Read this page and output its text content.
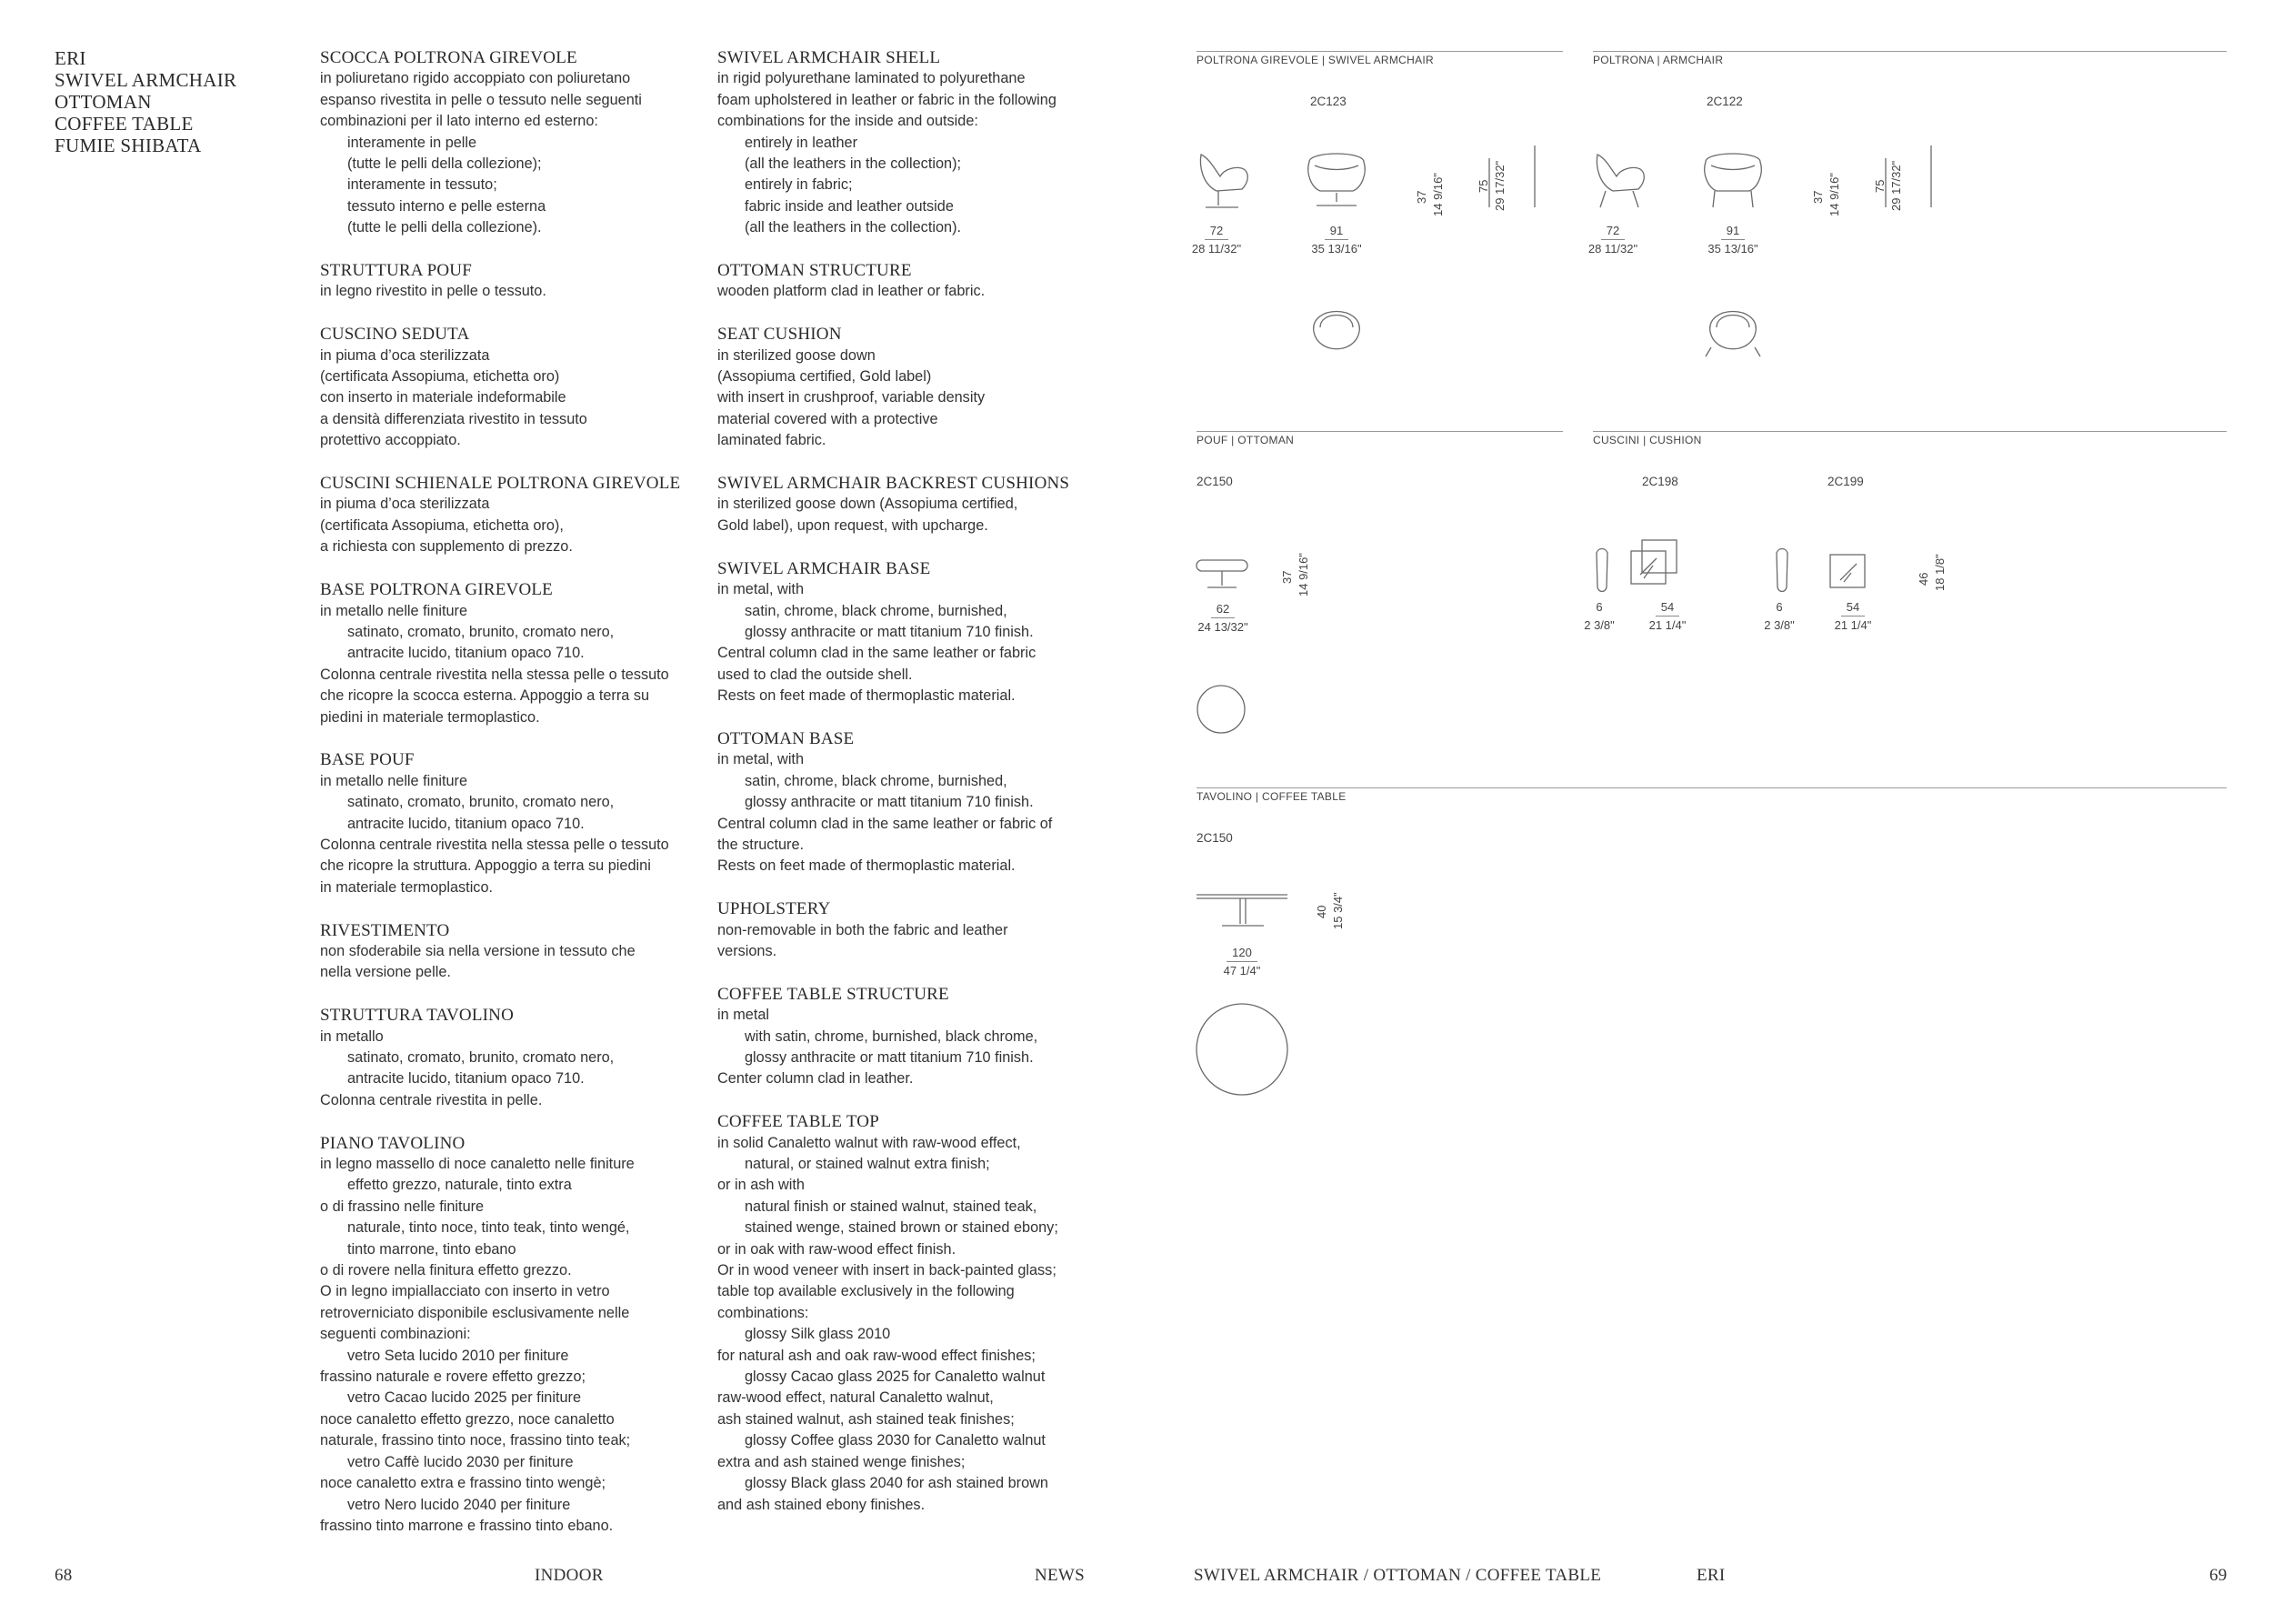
ERI
SWIVEL ARMCHAIR
OTTOMAN
COFFEE TABLE
FUMIE SHIBATA
SCOCCA POLTRONA GIREVOLE
in poliuretano rigido accoppiato con poliuretano
espanso rivestita in pelle o tessuto nelle seguenti
combinazioni per il lato interno ed esterno:
interamente in pelle
(tutte le pelli della collezione);
interamente in tessuto;
tessuto interno e pelle esterna
(tutte le pelli della collezione).
STRUTTURA POUF
in legno rivestito in pelle o tessuto.
CUSCINO SEDUTA
in piuma d’oca sterilizzata
(certificata Assopiuma, etichetta oro)
con inserto in materiale indeformabile
a densità differenziata rivestito in tessuto
protettivo accoppiato.
CUSCINI SCHIENALE POLTRONA GIREVOLE
in piuma d’oca sterilizzata
(certificata Assopiuma, etichetta oro),
a richiesta con supplemento di prezzo.
BASE POLTRONA GIREVOLE
in metallo nelle finiture
satinato, cromato, brunito, cromato nero,
antracite lucido, titanium opaco 710.
Colonna centrale rivestita nella stessa pelle o tessuto
che ricopre la scocca esterna. Appoggio a terra su
piedini in materiale termoplastico.
BASE POUF
in metallo nelle finiture
satinato, cromato, brunito, cromato nero,
antracite lucido, titanium opaco 710.
Colonna centrale rivestita nella stessa pelle o tessuto
che ricopre la struttura. Appoggio a terra su piedini
in materiale termoplastico.
RIVESTIMENTO
non sfoderabile sia nella versione in tessuto che
nella versione pelle.
STRUTTURA TAVOLINO
in metallo
satinato, cromato, brunito, cromato nero,
antracite lucido, titanium opaco 710.
Colonna centrale rivestita in pelle.
PIANO TAVOLINO
in legno massello di noce canaletto nelle finiture
effetto grezzo, naturale, tinto extra
o di frassino nelle finiture
naturale, tinto noce, tinto teak, tinto wengé,
tinto marrone, tinto ebano
o di rovere nella finitura effetto grezzo.
O in legno impiallacciato con inserto in vetro
retroverniciato disponibile esclusivamente nelle
seguenti combinazioni:
vetro Seta lucido 2010 per finiture
frassino naturale e rovere effetto grezzo;
vetro Cacao lucido 2025 per finiture
noce canaletto effetto grezzo, noce canaletto
naturale, frassino tinto noce, frassino tinto teak;
vetro Caffè lucido 2030 per finiture
noce canaletto extra e frassino tinto wengè;
vetro Nero lucido 2040 per finiture
frassino tinto marrone e frassino tinto ebano.
SWIVEL ARMCHAIR SHELL
in rigid polyurethane laminated to polyurethane
foam upholstered in leather or fabric in the following
combinations for the inside and outside:
entirely in leather
(all the leathers in the collection);
entirely in fabric;
fabric inside and leather outside
(all the leathers in the collection).
OTTOMAN STRUCTURE
wooden platform clad in leather or fabric.
SEAT CUSHION
in sterilized goose down
(Assopiuma certified, Gold label)
with insert in crushproof, variable density
material covered with a protective
laminated fabric.
SWIVEL ARMCHAIR BACKREST CUSHIONS
in sterilized goose down (Assopiuma certified,
Gold label), upon request, with upcharge.
SWIVEL ARMCHAIR BASE
in metal, with
satin, chrome, black chrome, burnished,
glossy anthracite or matt titanium 710 finish.
Central column clad in the same leather or fabric
used to clad the outside shell.
Rests on feet made of thermoplastic material.
OTTOMAN BASE
in metal, with
satin, chrome, black chrome, burnished,
glossy anthracite or matt titanium 710 finish.
Central column clad in the same leather or fabric of
the structure.
Rests on feet made of thermoplastic material.
UPHOLSTERY
non-removable in both the fabric and leather
versions.
COFFEE TABLE STRUCTURE
in metal
with satin, chrome, burnished, black chrome,
glossy anthracite or matt titanium 710 finish.
Center column clad in leather.
COFFEE TABLE TOP
in solid Canaletto walnut with raw-wood effect,
natural, or stained walnut extra finish;
or in ash with
natural finish or stained walnut, stained teak,
stained wenge, stained brown or stained ebony;
or in oak with raw-wood effect finish.
Or in wood veneer with insert in back-painted glass;
table top available exclusively in the following
combinations:
glossy Silk glass 2010
for natural ash and oak raw-wood effect finishes;
glossy Cacao glass 2025 for Canaletto walnut
raw-wood effect, natural Canaletto walnut,
ash stained walnut, ash stained teak finishes;
glossy Coffee glass 2030 for Canaletto walnut
extra and ash stained wenge finishes;
glossy Black glass 2040 for ash stained brown
and ash stained ebony finishes.
POLTRONA GIREVOLE | SWIVEL ARMCHAIR
2C123
72
28 11/32"
91
35 13/16"
37 14 9/16"	75 29 17/32"
POLTRONA | ARMCHAIR
2C122
72
28 11/32"
91
35 13/16"
37 14 9/16"	75 29 17/32"
POUF | OTTOMAN
2C150
62
24 13/32"
37 14 9/16"
CUSCINI | CUSHION
2C198	2C199
6
2 3/8"
54
21 1/4"
6
2 3/8"
54
21 1/4"
46 18 1/8"
TAVOLINO | COFFEE TABLE
2C150
120
47 1/4"
40 15 3/4"
68	INDOOR	NEWS	SWIVEL ARMCHAIR / OTTOMAN / COFFEE TABLE	ERI	69
